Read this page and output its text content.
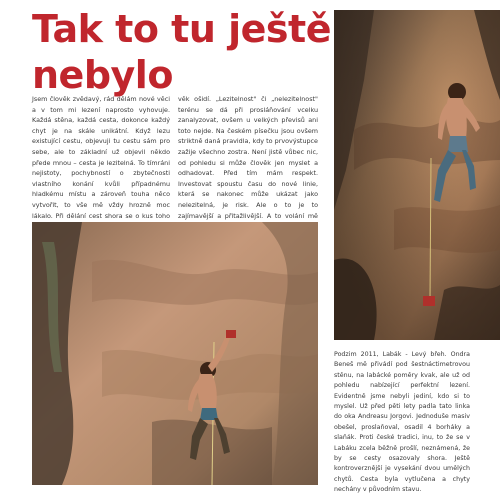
Tak to tu ještě
nebylo

Jsem člověk zvědavý, rád dělám nové věci a v tom mi lezení naprosto vyhovuje. Každá stěna, každá cesta, dokonce každý chyt je na skále unikátní. Když lezu existující cestu, objevuji tu cestu sám pro sebe, ale to základní už objevil někdo přede mnou – cesta je lezitelná. To tímráni nejistoty, pochybností o zbytečnosti vlastního konání kvůli případnému hladkému místu a zároveň touha něco vytvořit, to vše mě vždy hrozně moc lákalo. Při dělání cest shora se o kus toho

věk ošidí. „Lezitelnost" či „nelezitelnost" terénu se dá při prosláňování vcelku zanalyzovat, ovšem u velkých převisů ani toto nejde. Na českém písečku jsou ovšem striktně daná pravidla, kdy to prvovýstupce zažije všechno zostra. Není jistě vůbec nic, od pohledu si může člověk jen myslet a odhadovat. Před tím mám respekt. Investovat spoustu času do nové linie, která se nakonec může ukázat jako nelezitelná, je risk. Ale o to je to zajímavější a přitažlivější. A to volání mě

Podzim 2011, Labák - Levý břeh. Ondra Beneš mě přivádí pod šestnáctimetrovou stěnu, na labácké poměry kvak, ale už od pohledu nabízející perfektní lezení. Evidentně jsme nebyli jediní, kdo si to myslel. Už před pěti lety padla tato linka do oka Andreasu Jorgovi. Jednoduše masiv obešel, proslaňoval, osadil 4 borháky a slaňák. Proti české tradici, inu, to že se v Labáku zcela běžně prošlí, neznámená, že by se cesty osazovaly shora. Ještě kontroverznější je vysekání dvou umělých chytů. Cesta byla vytlučena a chyty nechány v původním stavu.
